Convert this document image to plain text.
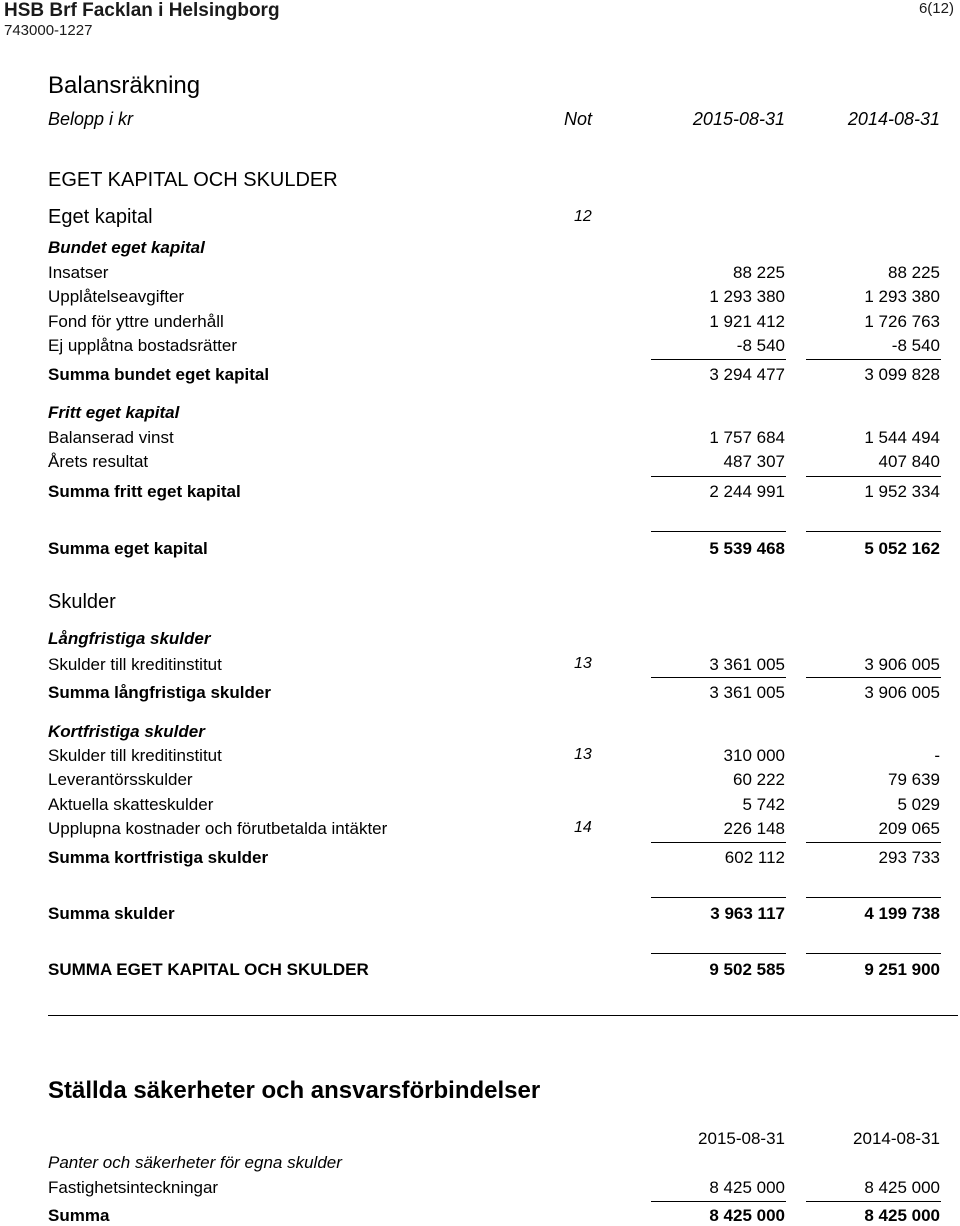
HSB Brf Facklan i Helsingborg
743000-1227
6(12)
Balansräkning
Belopp i kr	Not	2015-08-31	2014-08-31
EGET KAPITAL OCH SKULDER
Eget kapital	12
Bundet eget kapital
Insatser	88 225	88 225
Upplåtelseavgifter	1 293 380	1 293 380
Fond för yttre underhåll	1 921 412	1 726 763
Ej upplåtna bostadsrätter	-8 540	-8 540
Summa bundet eget kapital	3 294 477	3 099 828
Fritt eget kapital
Balanserad vinst	1 757 684	1 544 494
Årets resultat	487 307	407 840
Summa fritt eget kapital	2 244 991	1 952 334
Summa eget kapital	5 539 468	5 052 162
Skulder
Långfristiga skulder
Skulder till kreditinstitut	13	3 361 005	3 906 005
Summa långfristiga skulder	3 361 005	3 906 005
Kortfristiga skulder
Skulder till kreditinstitut	13	310 000	-
Leverantörsskulder	60 222	79 639
Aktuella skatteskulder	5 742	5 029
Upplupna kostnader och förutbetalda intäkter	14	226 148	209 065
Summa kortfristiga skulder	602 112	293 733
Summa skulder	3 963 117	4 199 738
SUMMA EGET KAPITAL OCH SKULDER	9 502 585	9 251 900
Ställda säkerheter och ansvarsförbindelser
2015-08-31	2014-08-31
Panter och säkerheter för egna skulder
Fastighetsinteckningar	8 425 000	8 425 000
Summa	8 425 000	8 425 000
